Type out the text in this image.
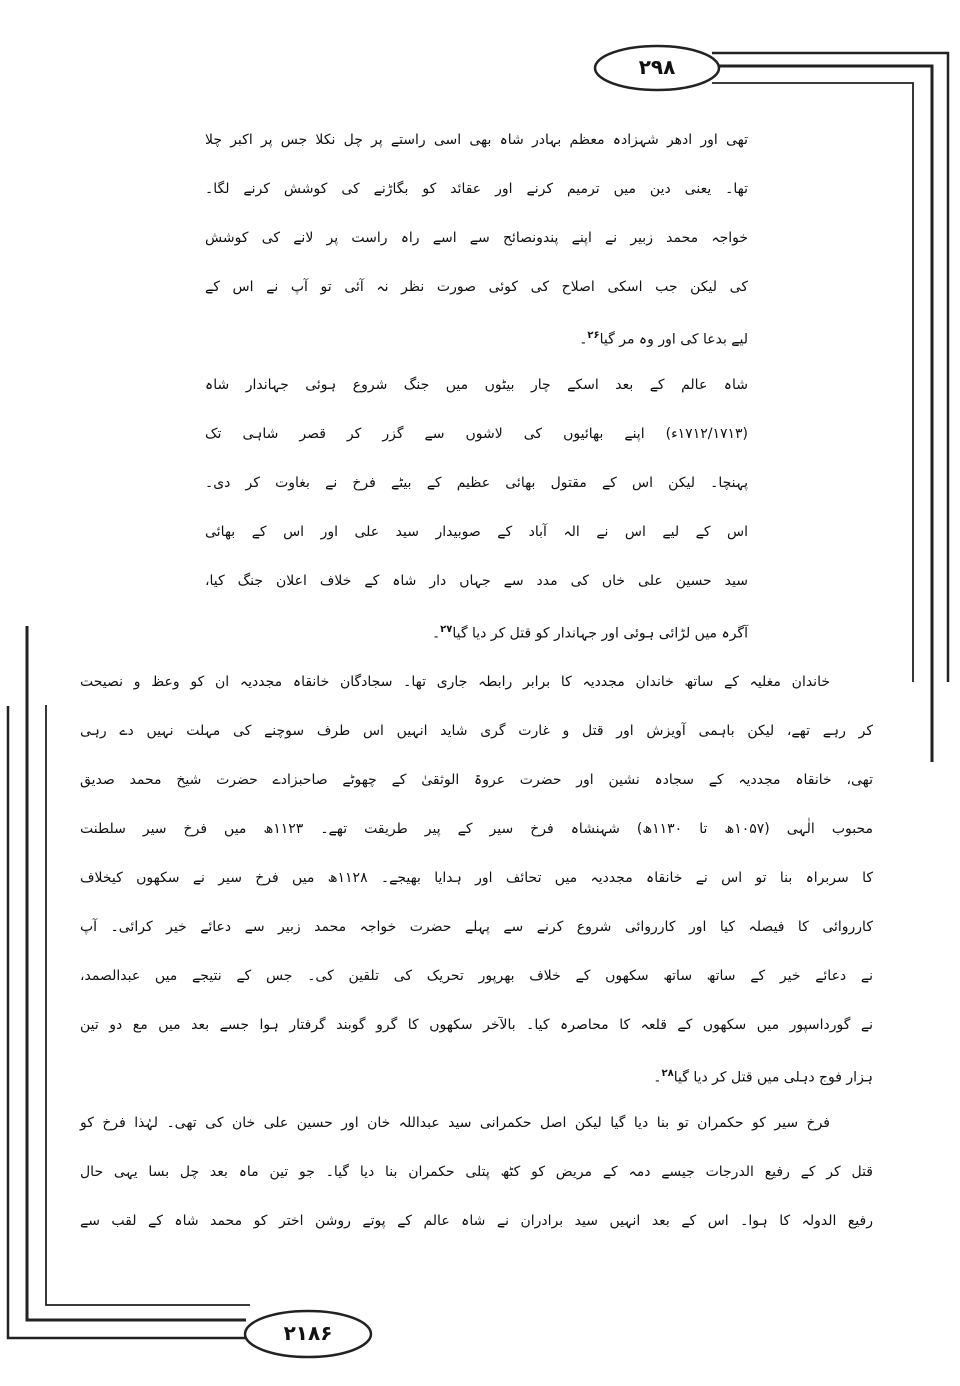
۲۹۸
۲۱۸۶
تھی اور ادھر شہزادہ معظم بہادر شاہ بھی اسی راستے پر چل نکلا جس پر اکبر چلا
تھا۔ یعنی دین میں ترمیم کرنے اور عقائد کو بگاڑنے کی کوشش کرنے لگا۔
خواجہ محمد زبیر نے اپنے پندونصائح سے اسے راہ راست پر لانے کی کوشش
کی لیکن جب اسکی اصلاح کی کوئی صورت نظر نہ آئی تو آپ نے اس کے
لیے بدعا کی اور وہ مر گیا$^{۲۶}$۔
شاہ عالم کے بعد اسکے چار بیٹوں میں جنگ شروع ہوئی جہاندار شاہ
(۱۷۱۲/۱۷۱۳ء) اپنے بھائیوں کی لاشوں سے گزر کر قصر شاہی تک
پہنچا۔ لیکن اس کے مقتول بھائی عظیم کے بیٹے فرخ نے بغاوت کر دی۔
اس کے لیے اس نے الہ آباد کے صوبیدار سید علی اور اس کے بھائی
سید حسین علی خاں کی مدد سے جہاں دار شاہ کے خلاف اعلان جنگ کیا،
آگرہ میں لڑائی ہوئی اور جہاندار کو قتل کر دیا گیا$^{۲۷}$۔
خاندان مغلیہ کے ساتھ خاندان مجددیہ کا برابر رابطہ جاری تھا۔ سجادگان خانقاہ مجددیہ ان کو وعظ و نصیحت
کر رہے تھے، لیکن باہمی آویزش اور قتل و غارت گری شاید انہیں اس طرف سوچنے کی مہلت نہیں دے رہی
تھی، خانقاہ مجددیہ کے سجادہ نشین اور حضرت عروۃ الوثقیٰ کے چھوٹے صاحبزادے حضرت شیخ محمد صدیق
محبوب الٰہی (۱۰۵۷ھ تا ۱۱۳۰ھ) شہنشاہ فرخ سیر کے پیر طریقت تھے۔ ۱۱۲۳ھ میں فرخ سیر سلطنت
کا سربراہ بنا تو اس نے خانقاہ مجددیہ میں تحائف اور ہدایا بھیجے۔ ۱۱۲۸ھ میں فرخ سیر نے سکھوں کیخلاف
کارروائی کا فیصلہ کیا اور کارروائی شروع کرنے سے پہلے حضرت خواجہ محمد زبیر سے دعائے خیر کرائی۔ آپ
نے دعائے خیر کے ساتھ ساتھ سکھوں کے خلاف بھرپور تحریک کی تلقین کی۔ جس کے نتیجے میں عبدالصمد،
نے گورداسپور میں سکھوں کے قلعہ کا محاصرہ کیا۔ بالآخر سکھوں کا گرو گوبند گرفتار ہوا جسے بعد میں مع دو تین
ہزار فوج دہلی میں قتل کر دیا گیا$^{۲۸}$۔
فرخ سیر کو حکمران تو بنا دیا گیا لیکن اصل حکمرانی سید عبداللہ خان اور حسین علی خان کی تھی۔ لہٰذا فرخ کو
قتل کر کے رفیع الدرجات جیسے دمہ کے مریض کو کٹھ پتلی حکمران بنا دیا گیا۔ جو تین ماہ بعد چل بسا یہی حال
رفیع الدولہ کا ہوا۔ اس کے بعد انہیں سید برادران نے شاہ عالم کے پوتے روشن اختر کو محمد شاہ کے لقب سے
